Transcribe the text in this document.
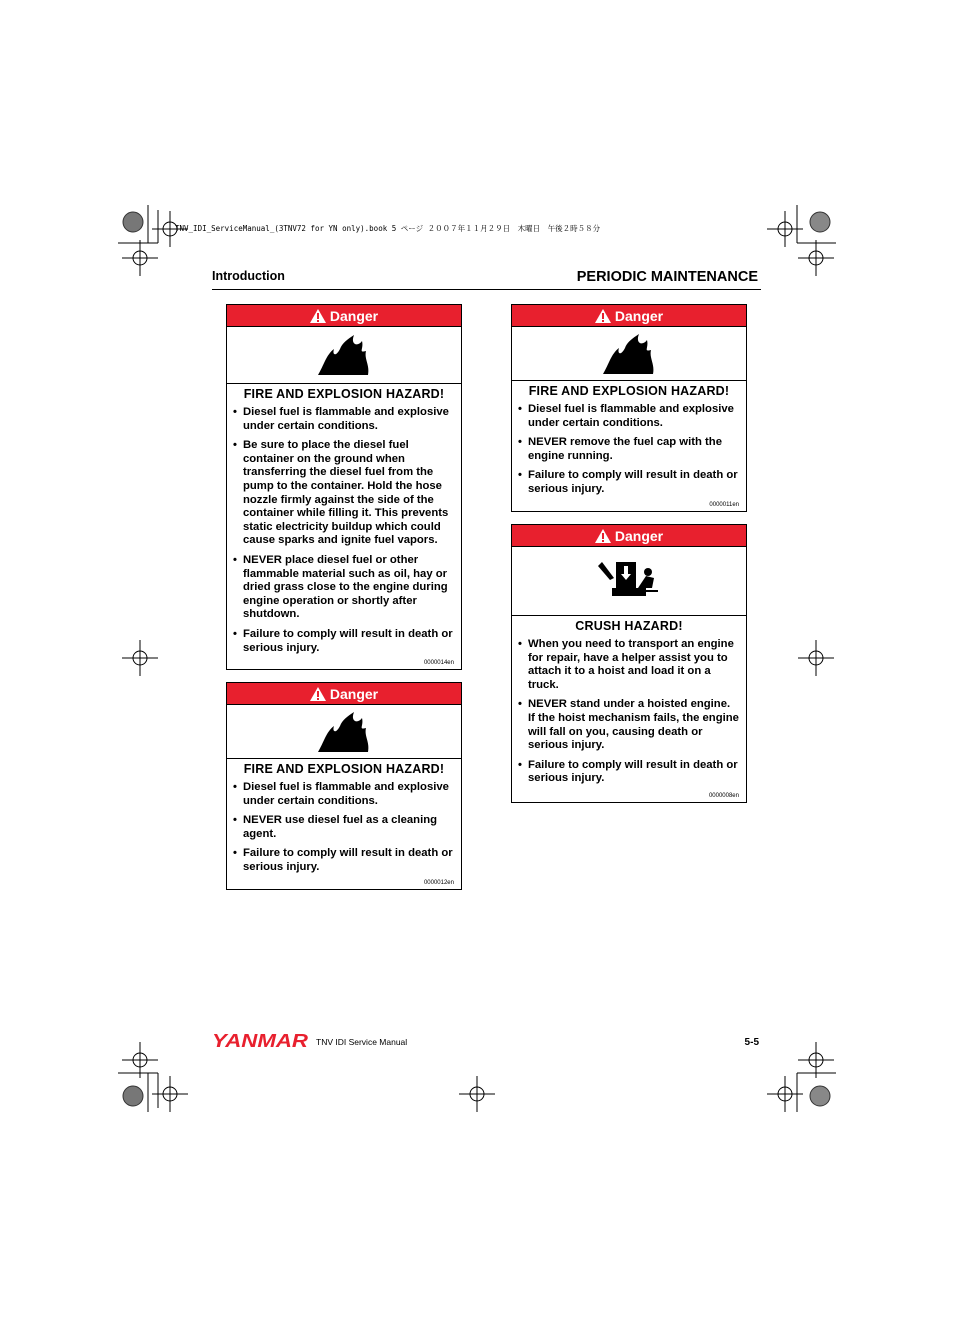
TNV_IDI_ServiceManual_(3TNV72 for YN only).book 5 ページ ２００７年１１月２９日　木曜日　午後２時５８分
Introduction	PERIODIC MAINTENANCE
Danger
FIRE AND EXPLOSION HAZARD!
• Diesel fuel is flammable and explosive under certain conditions.
• Be sure to place the diesel fuel container on the ground when transferring the diesel fuel from the pump to the container. Hold the hose nozzle firmly against the side of the container while filling it. This prevents static electricity buildup which could cause sparks and ignite fuel vapors.
• NEVER place diesel fuel or other flammable material such as oil, hay or dried grass close to the engine during engine operation or shortly after shutdown.
• Failure to comply will result in death or serious injury.
0000014en
Danger
FIRE AND EXPLOSION HAZARD!
• Diesel fuel is flammable and explosive under certain conditions.
• NEVER use diesel fuel as a cleaning agent.
• Failure to comply will result in death or serious injury.
0000012en
Danger
FIRE AND EXPLOSION HAZARD!
• Diesel fuel is flammable and explosive under certain conditions.
• NEVER remove the fuel cap with the engine running.
• Failure to comply will result in death or serious injury.
0000011en
Danger
CRUSH HAZARD!
• When you need to transport an engine for repair, have a helper assist you to attach it to a hoist and load it on a truck.
• NEVER stand under a hoisted engine. If the hoist mechanism fails, the engine will fall on you, causing death or serious injury.
• Failure to comply will result in death or serious injury.
0000008en
YANMAR TNV IDI Service Manual	5-5
